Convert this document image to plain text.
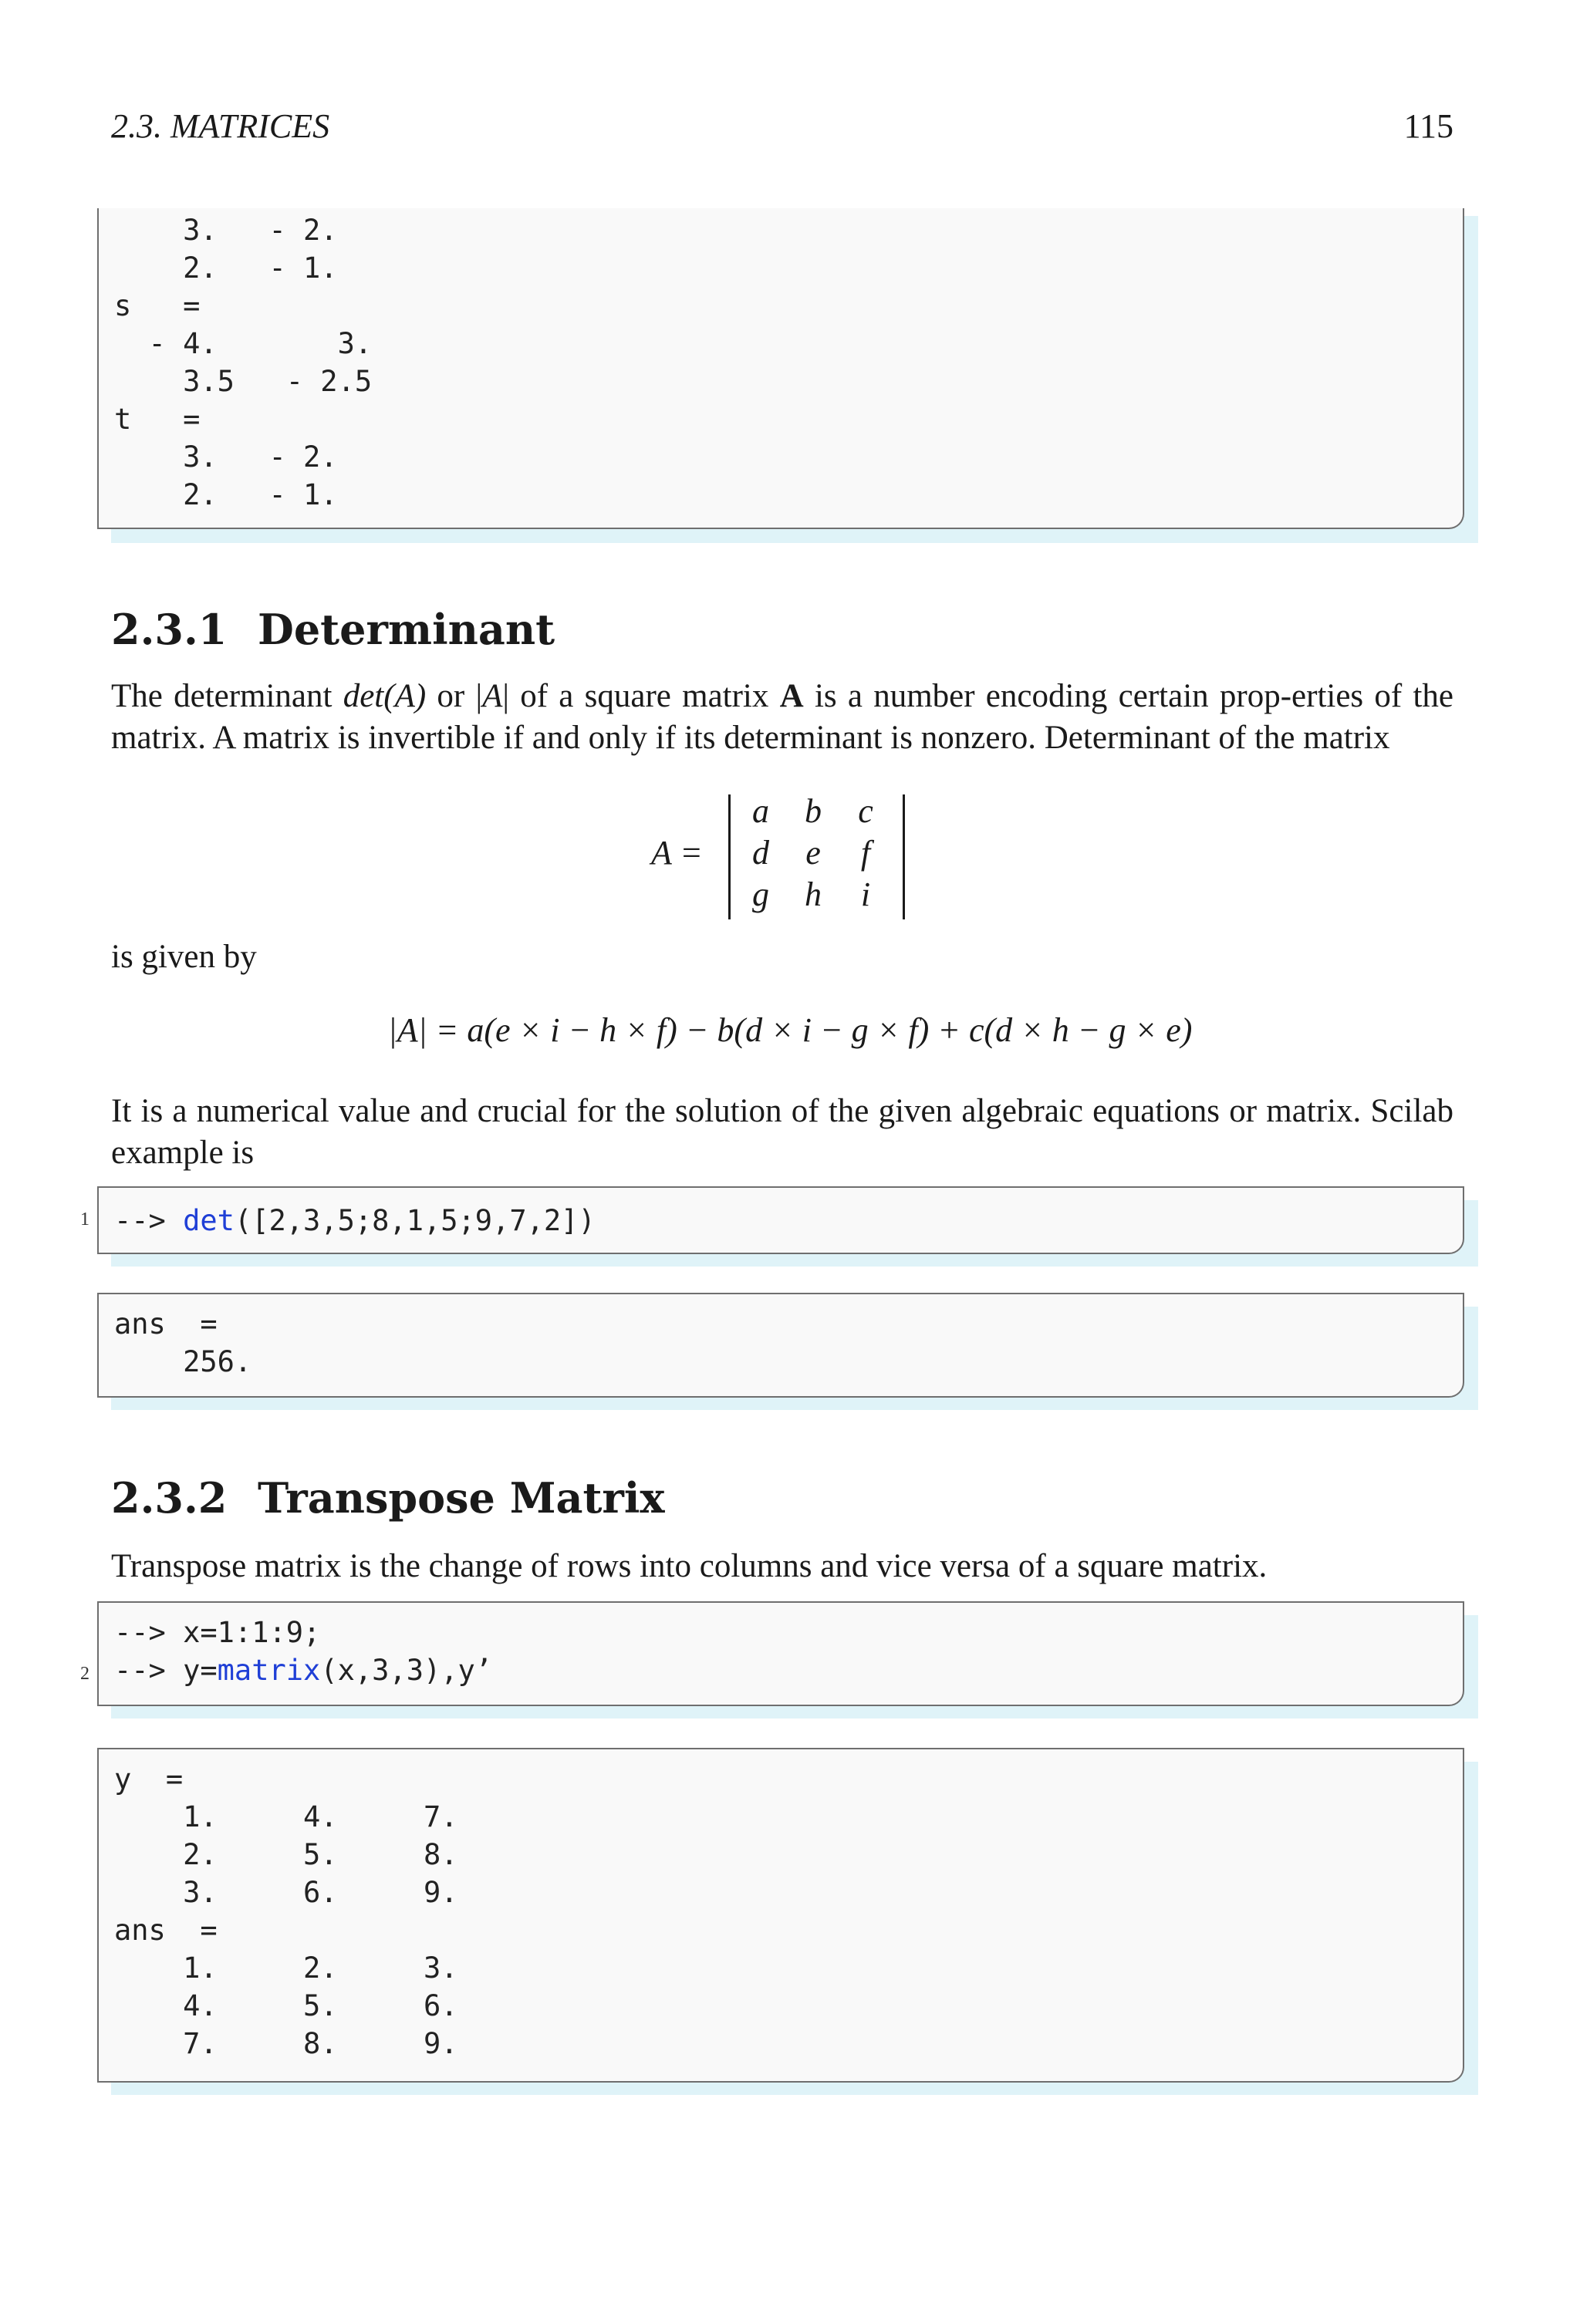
2.3. MATRICES	115
3.   - 2.
2.   - 1.
s   =
- 4.       3.
3.5   - 2.5
t   =
3.   - 2.
2.   - 1.
2.3.1 Determinant
The determinant det(A) or |A| of a square matrix A is a number encoding certain prop-erties of the matrix. A matrix is invertible if and only if its determinant is nonzero. Determinant of the matrix
A =
a	b	c
d	e	f
g	h	i
is given by
|A| = a(e × i − h × f) − b(d × i − g × f) + c(d × h − g × e)
It is a numerical value and crucial for the solution of the given algebraic equations or matrix. Scilab example is
--> det([2,3,5;8,1,5;9,7,2])
1
ans  =
256.
2.3.2 Transpose Matrix
Transpose matrix is the change of rows into columns and vice versa of a square matrix.
--> x=1:1:9;
--> y=matrix(x,3,3),y’
2
y  =
1.     4.     7.
2.     5.     8.
3.     6.     9.
ans  =
1.     2.     3.
4.     5.     6.
7.     8.     9.
